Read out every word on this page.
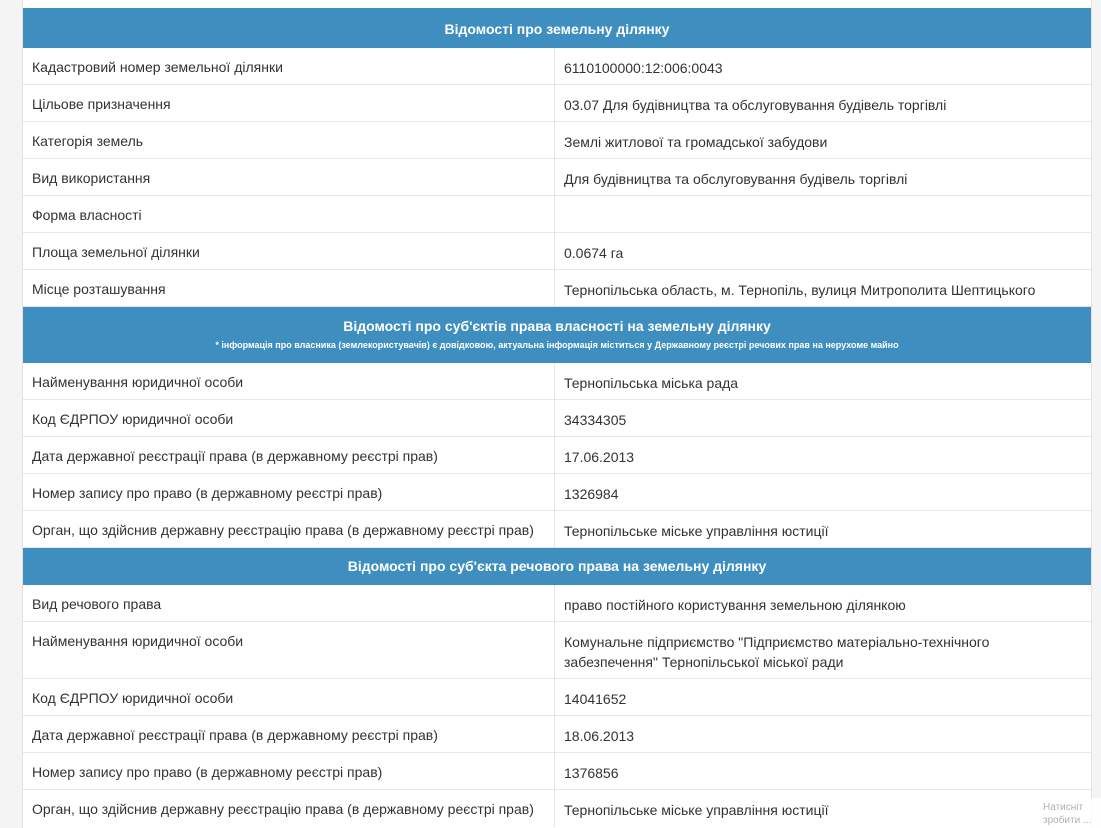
Відомості про земельну ділянку
Кадастровий номер земельної ділянки	6110100000:12:006:0043
Цільове призначення	03.07 Для будівництва та обслуговування будівель торгівлі
Категорія земель	Землі житлової та громадської забудови
Вид використання	Для будівництва та обслуговування будівель торгівлі
Форма власності
Площа земельної ділянки	0.0674 га
Місце розташування	Тернопільська область, м. Тернопіль, вулиця Митрополита Шептицького
Відомості про суб'єктів права власності на земельну ділянку
* інформація про власника (землекористувачів) є довідковою, актуальна інформація міститься у Державному реєстрі речових прав на нерухоме майно
Найменування юридичної особи	Тернопільська міська рада
Код ЄДРПОУ юридичної особи	34334305
Дата державної реєстрації права (в державному реєстрі прав)	17.06.2013
Номер запису про право (в державному реєстрі прав)	1326984
Орган, що здійснив державну реєстрацію права (в державному реєстрі прав)	Тернопільське міське управління юстиції
Відомості про суб'єкта речового права на земельну ділянку
Вид речового права	право постійного користування земельною ділянкою
Найменування юридичної особи	Комунальне підприємство "Підприємство матеріально-технічного забезпечення" Тернопільської міської ради
Код ЄДРПОУ юридичної особи	14041652
Дата державної реєстрації права (в державному реєстрі прав)	18.06.2013
Номер запису про право (в державному реєстрі прав)	1376856
Орган, що здійснив державну реєстрацію права (в державному реєстрі прав)	Тернопільське міське управління юстиції	Натисніт
зробити ...
